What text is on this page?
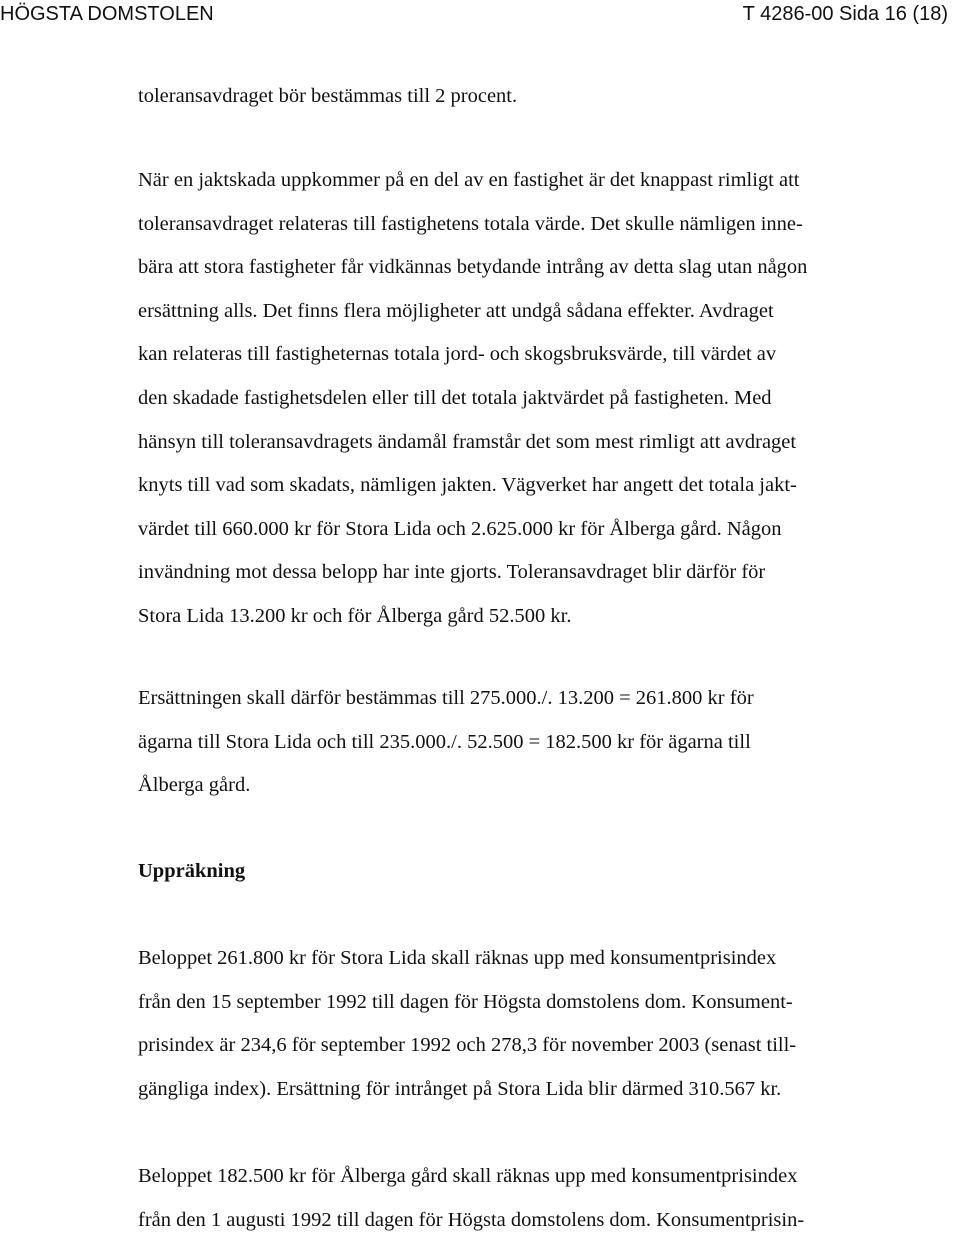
HÖGSTA DOMSTOLEN	T 4286-00 Sida 16 (18)
toleransavdraget bör bestämmas till 2 procent.
När en jaktskada uppkommer på en del av en fastighet är det knappast rimligt att
toleransavdraget relateras till fastighetens totala värde. Det skulle nämligen inne-
bära att stora fastigheter får vidkännas betydande intrång av detta slag utan någon
ersättning alls. Det finns flera möjligheter att undgå sådana effekter. Avdraget
kan relateras till fastigheternas totala jord- och skogsbruksvärde, till värdet av
den skadade fastighetsdelen eller till det totala jaktvärdet på fastigheten. Med
hänsyn till toleransavdragets ändamål framstår det som mest rimligt att avdraget
knyts till vad som skadats, nämligen jakten. Vägverket har angett det totala jakt-
värdet till 660.000 kr för Stora Lida och 2.625.000 kr för Ålberga gård. Någon
invändning mot dessa belopp har inte gjorts. Toleransavdraget blir därför för
Stora Lida 13.200 kr och för Ålberga gård 52.500 kr.
Ersättningen skall därför bestämmas till 275.000./. 13.200 = 261.800 kr för
ägarna till Stora Lida och till 235.000./. 52.500 = 182.500 kr för ägarna till
Ålberga gård.
Uppräkning
Beloppet 261.800 kr för Stora Lida skall räknas upp med konsumentprisindex
från den 15 september 1992 till dagen för Högsta domstolens dom. Konsument-
prisindex är 234,6 för september 1992 och 278,3 för november 2003 (senast till-
gängliga index). Ersättning för intrånget på Stora Lida blir därmed 310.567 kr.
Beloppet 182.500 kr för Ålberga gård skall räknas upp med konsumentprisindex
från den 1 augusti 1992 till dagen för Högsta domstolens dom. Konsumentprisin-
